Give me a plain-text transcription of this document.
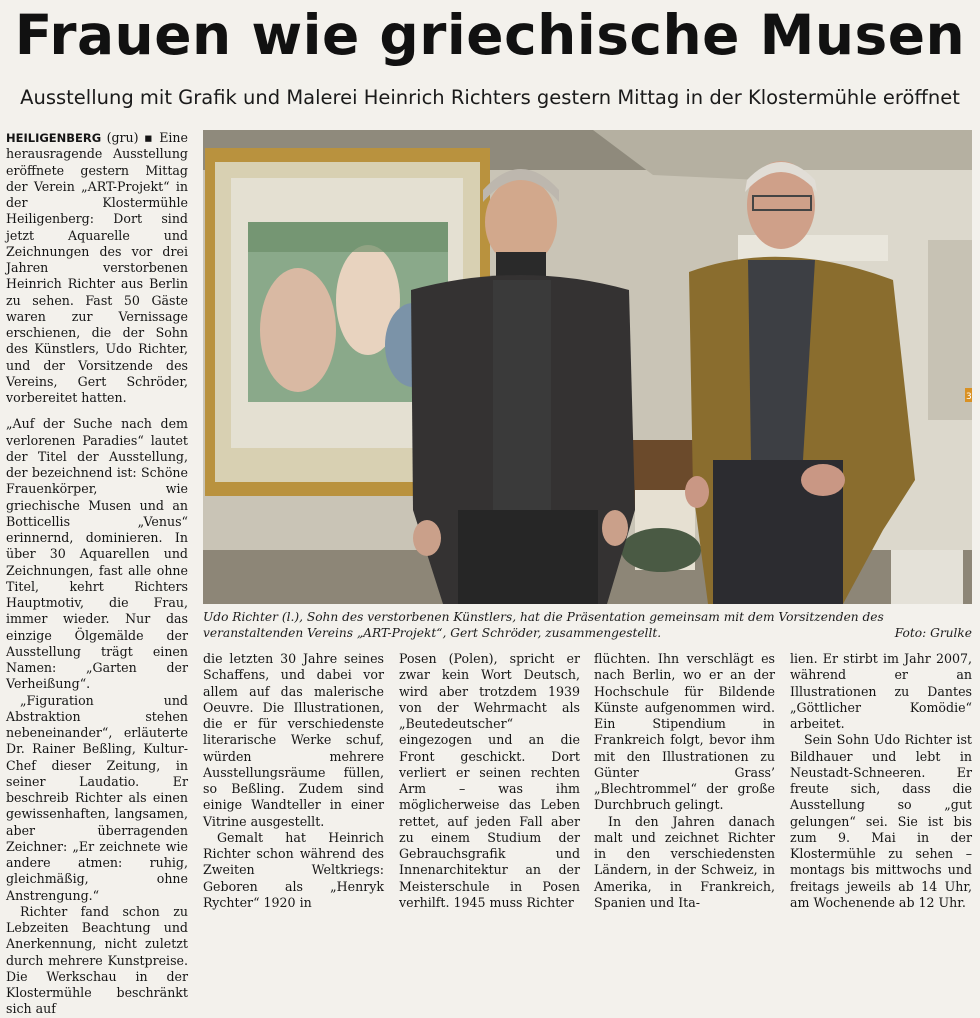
Frauen wie griechische Musen
Ausstellung mit Grafik und Malerei Heinrich Richters gestern Mittag in der Klostermühle eröffnet

HEILIGENBERG (gru) ▪ Eine herausragende Ausstellung eröffnete gestern Mittag der Verein „ART-Projekt“ in der Klostermühle Heiligenberg: Dort sind jetzt Aquarelle und Zeichnungen des vor drei Jahren verstorbenen Heinrich Richter aus Berlin zu sehen. Fast 50 Gäste waren zur Vernissage erschienen, die der Sohn des Künstlers, Udo Richter, und der Vorsitzende des Vereins, Gert Schröder, vorbereitet hatten.

„Auf der Suche nach dem verlorenen Paradies“ lautet der Titel der Ausstellung, der bezeichnend ist: Schöne Frauenkörper, wie griechische Musen und an Botticellis „Venus“ erinnernd, dominieren. In über 30 Aquarellen und Zeichnungen, fast alle ohne Titel, kehrt Richters Hauptmotiv, die Frau, immer wieder. Nur das einzige Ölgemälde der Ausstellung trägt einen Namen: „Garten der Verheißung“.

„Figuration und Abstraktion stehen nebeneinander“, erläuterte Dr. Rainer Beßling, Kultur-Chef dieser Zeitung, in seiner Laudatio. Er beschreib Richter als einen gewissenhaften, langsamen, aber überragenden Zeichner: „Er zeichnete wie andere atmen: ruhig, gleichmäßig, ohne Anstrengung.“

Richter fand schon zu Lebzeiten Beachtung und Anerkennung, nicht zuletzt durch mehrere Kunstpreise. Die Werkschau in der Klostermühle beschränkt sich auf

3

Udo Richter (l.), Sohn des verstorbenen Künstlers, hat die Präsentation gemeinsam mit dem Vorsitzenden des veranstaltenden Vereins „ART-Projekt“, Gert Schröder, zusammengestellt.	Foto: Grulke

die letzten 30 Jahre seines Schaffens, und dabei vor allem auf das malerische Oeuvre. Die Illustrationen, die er für verschiedenste literarische Werke schuf, würden mehrere Ausstellungsräume füllen, so Beßling. Zudem sind einige Wandteller in einer Vitrine ausgestellt.

Gemalt hat Heinrich Richter schon während des Zweiten Weltkriegs: Geboren als „Henryk Rychter“ 1920 in

Posen (Polen), spricht er zwar kein Wort Deutsch, wird aber trotzdem 1939 von der Wehrmacht als „Beutedeutscher“ eingezogen und an die Front geschickt. Dort verliert er seinen rechten Arm – was ihm möglicherweise das Leben rettet, auf jeden Fall aber zu einem Studium der Gebrauchsgrafik und Innenarchitektur an der Meisterschule in Posen verhilft. 1945 muss Richter

flüchten. Ihn verschlägt es nach Berlin, wo er an der Hochschule für Bildende Künste aufgenommen wird. Ein Stipendium in Frankreich folgt, bevor ihm mit den Illustrationen zu Günter Grass’ „Blechtrommel“ der große Durchbruch gelingt.

In den Jahren danach malt und zeichnet Richter in den verschiedensten Ländern, in der Schweiz, in Amerika, in Frankreich, Spanien und Ita-

lien. Er stirbt im Jahr 2007, während er an Illustrationen zu Dantes „Göttlicher Komödie“ arbeitet.

Sein Sohn Udo Richter ist Bildhauer und lebt in Neustadt-Schneeren. Er freute sich, dass die Ausstellung so „gut gelungen“ sei. Sie ist bis zum 9. Mai in der Klostermühle zu sehen – montags bis mittwochs und freitags jeweils ab 14 Uhr, am Wochenende ab 12 Uhr.
